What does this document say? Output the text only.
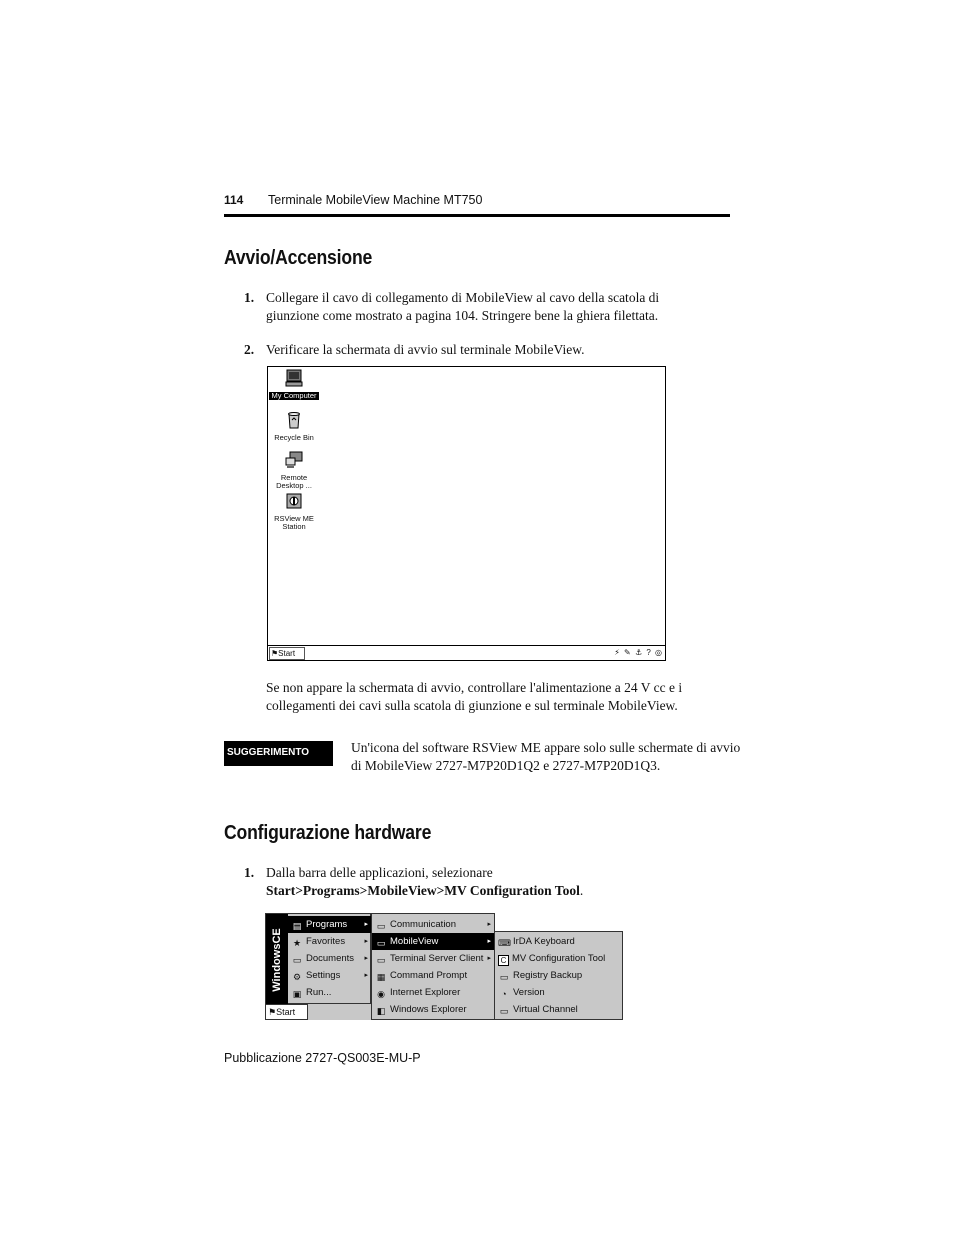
114 Terminale MobileView Machine MT750
Avvio/Accensione
1. Collegare il cavo di collegamento di MobileView al cavo della scatola di giunzione come mostrato a pagina 104. Stringere bene la ghiera filettata.
2. Verificare la schermata di avvio sul terminale MobileView.
My Computer
Recycle Bin
Remote Desktop ...
RSView ME Station
⚑Start	⚡ ✎ ⚓ ? ◎
Se non appare la schermata di avvio, controllare l'alimentazione a 24 V cc e i collegamenti dei cavi sulla scatola di giunzione e sul terminale MobileView.
SUGGERIMENTO	Un'icona del software RSView ME appare solo sulle schermate di avvio di MobileView 2727-M7P20D1Q2 e 2727-M7P20D1Q3.
Configurazione hardware
1. Dalla barra delle applicazioni, selezionare
Start>Programs>MobileView>MV Configuration Tool.
WindowsCE
▤ Programs ▸
★ Favorites	▸
▭ Documents ▸
⚙ Settings	▸
▣ Run...
⚑Start
▭ Communication	▸
▭ MobileView	▸
▭ Terminal Server Client ▸
▦ Command Prompt
◉ Internet Explorer
◧ Windows Explorer
⌨ IrDA Keyboard
C MV Configuration Tool
▭ Registry Backup
◔ Version
▭ Virtual Channel
Pubblicazione 2727-QS003E-MU-P
